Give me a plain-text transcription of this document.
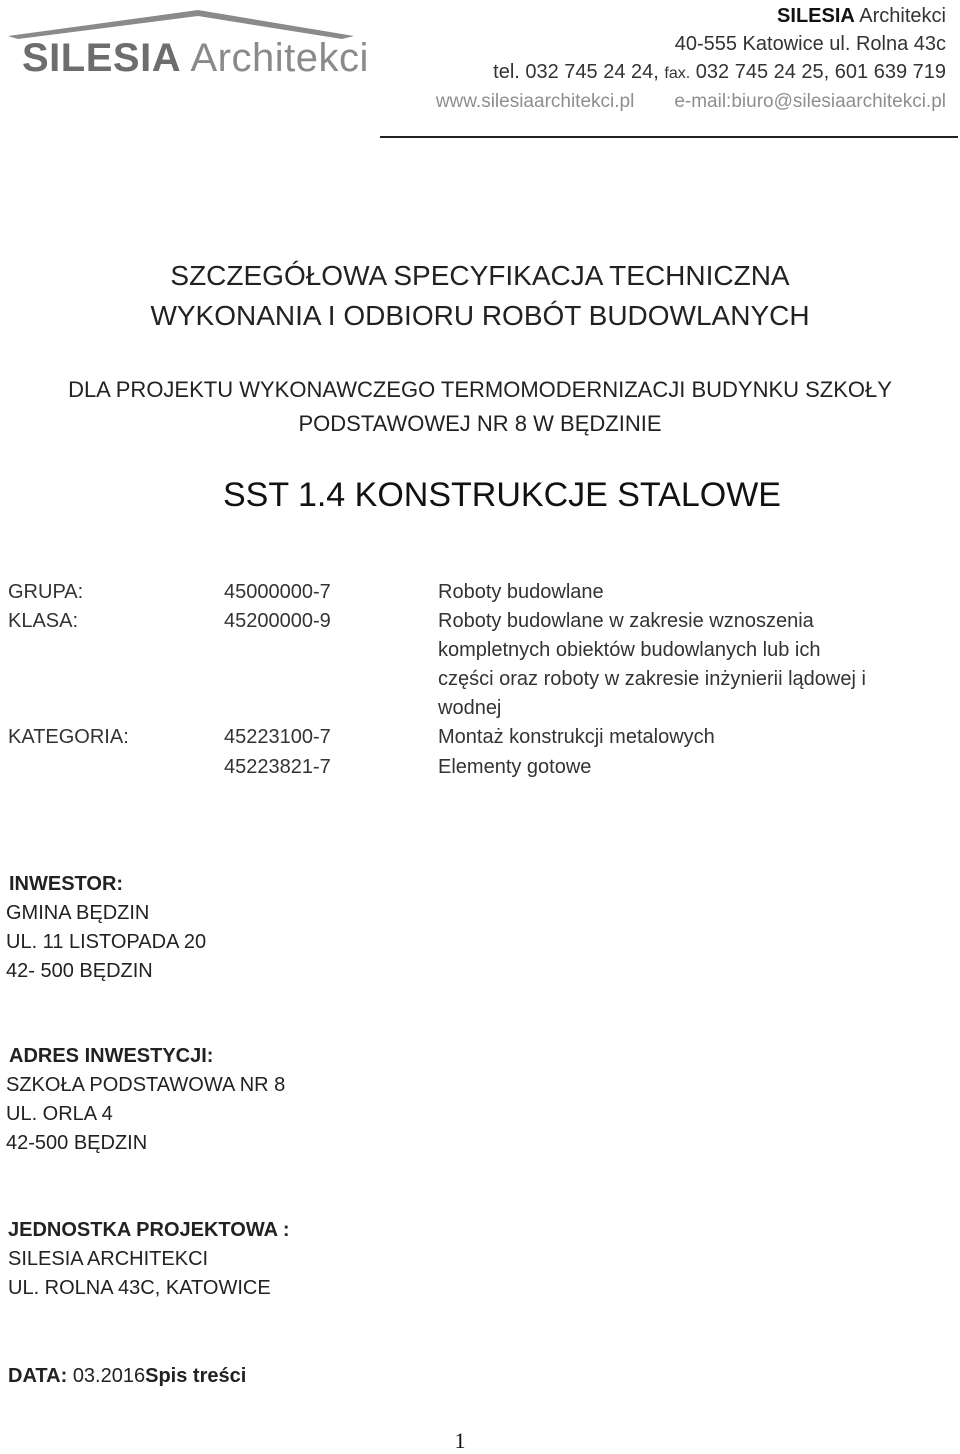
SILESIA Architekci
SILESIA Architekci
40-555 Katowice ul. Rolna 43c
tel. 032 745 24 24, fax. 032 745 24 25, 601 639 719
www.silesiaarchitekci.pl e-mail:biuro@silesiaarchitekci.pl
SZCZEGÓŁOWA SPECYFIKACJA TECHNICZNA
WYKONANIA I ODBIORU ROBÓT BUDOWLANYCH
DLA PROJEKTU WYKONAWCZEGO TERMOMODERNIZACJI BUDYNKU SZKOŁY
PODSTAWOWEJ NR 8 W BĘDZINIE
SST 1.4 KONSTRUKCJE STALOWE
GRUPA:	45000000-7	Roboty budowlane
KLASA:	45200000-9	Roboty budowlane w zakresie wznoszenia
kompletnych obiektów budowlanych lub ich
części oraz roboty w zakresie inżynierii lądowej i
wodnej
KATEGORIA:	45223100-7	Montaż konstrukcji metalowych
45223821-7	Elementy gotowe
INWESTOR:
GMINA BĘDZIN
UL. 11 LISTOPADA 20
42- 500 BĘDZIN
ADRES INWESTYCJI:
SZKOŁA PODSTAWOWA NR 8
UL. ORLA 4
42-500 BĘDZIN
JEDNOSTKA PROJEKTOWA :
SILESIA ARCHITEKCI
UL. ROLNA 43C, KATOWICE
DATA: 03.2016Spis treści
1
